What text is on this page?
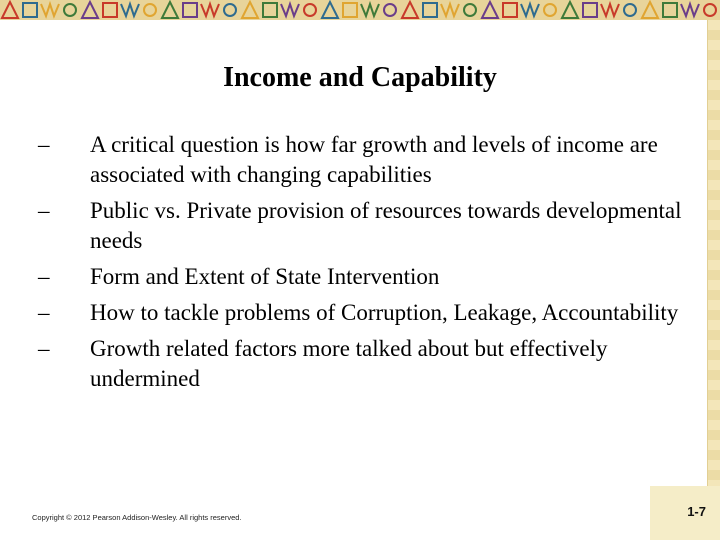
Income and Capability
– A critical question is how far growth and levels of income are associated with changing capabilities
– Public vs. Private provision of resources towards developmental needs
– Form and Extent of State Intervention
– How to tackle problems of Corruption, Leakage, Accountability
– Growth related factors more talked about but effectively undermined
Copyright © 2012 Pearson Addison-Wesley. All rights reserved.	1-7
